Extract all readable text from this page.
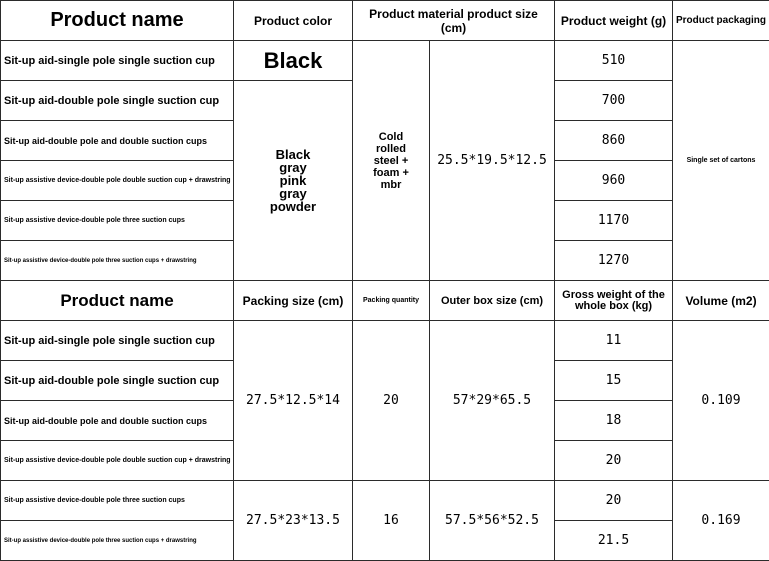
Product name	Product color	Product material product size (cm)		Product weight (g)	Product packaging
Sit-up aid-single pole single suction cup	Black	Cold
rolled
steel +
foam +
mbr	25.5*19.5*12.5	510	Single set of cartons
Sit-up aid-double pole single suction cup	Black
gray
pink
gray
powder			700	
Sit-up aid-double pole and double suction cups				860	
Sit-up assistive device-double pole double suction cup + drawstring				960	
Sit-up assistive device-double pole three suction cups				1170	
Sit-up assistive device-double pole three suction cups + drawstring				1270	
Product name	Packing size (cm)	Packing quantity	Outer box size (cm)	Gross weight of the whole box (kg)	Volume (m2)
Sit-up aid-single pole single suction cup	27.5*12.5*14	20	57*29*65.5	11	0.109
Sit-up aid-double pole single suction cup				15	
Sit-up aid-double pole and double suction cups				18	
Sit-up assistive device-double pole double suction cup + drawstring				20	
Sit-up assistive device-double pole three suction cups	27.5*23*13.5	16	57.5*56*52.5	20	0.169
Sit-up assistive device-double pole three suction cups + drawstring				21.5	
